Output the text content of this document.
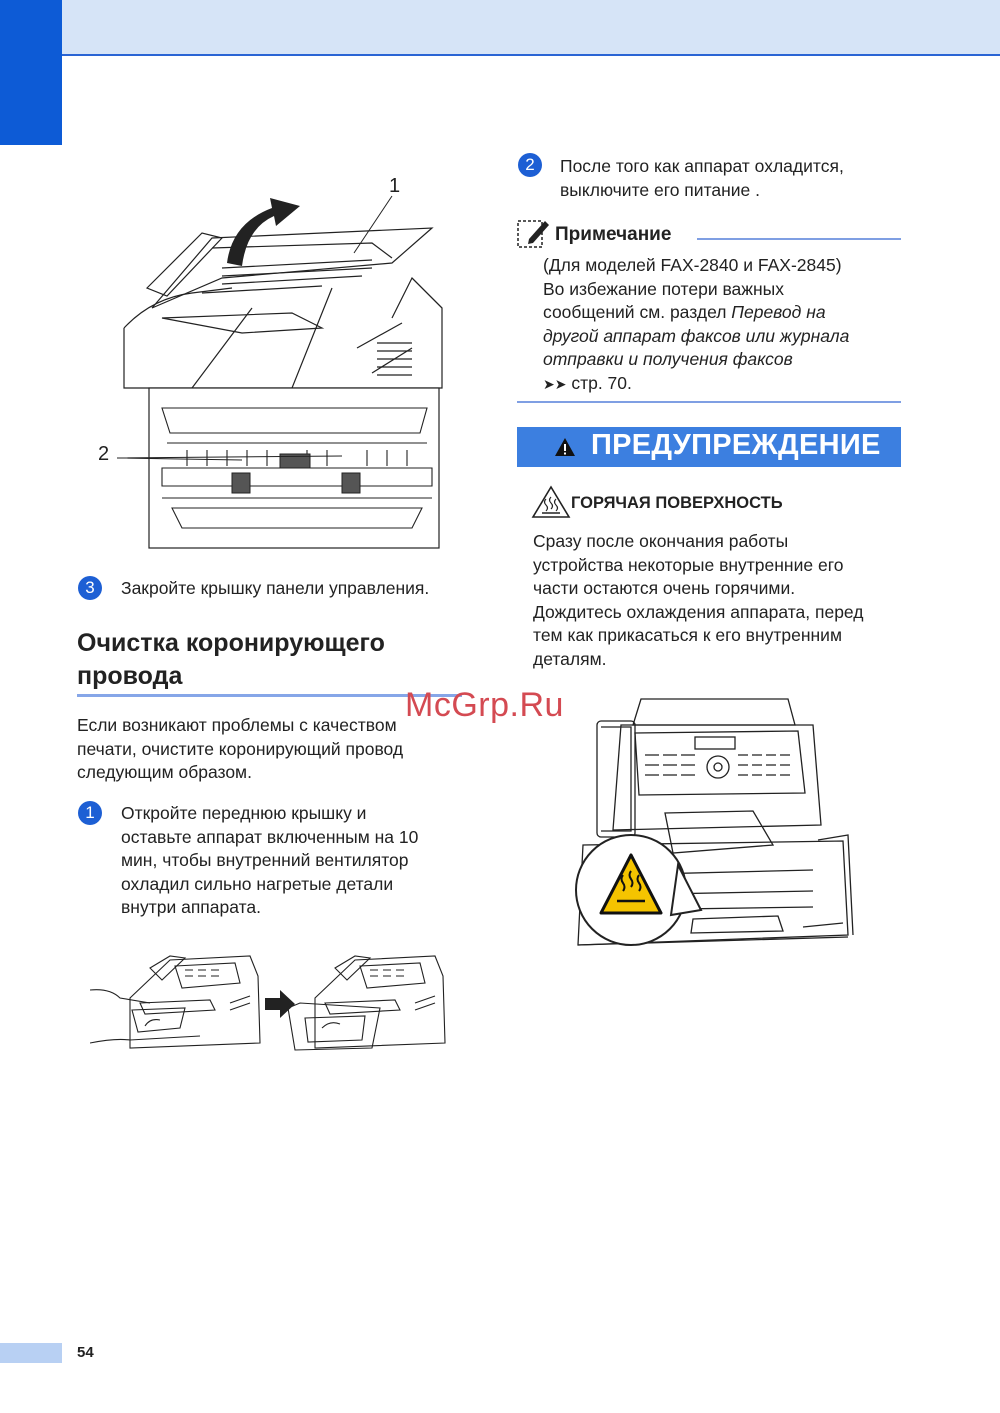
1
2
3	Закройте крышку панели управления.
Очистка коронирующего
провода
Если возникают проблемы с качеством
печати, очистите коронирующий провод
следующим образом.
1	Откройте переднюю крышку и
оставьте аппарат включенным на 10
мин, чтобы внутренний вентилятор
охладил сильно нагретые детали
внутри аппарата.
2	После того как аппарат охладится,
выключите его питание .
Примечание
(Для моделей FAX-2840 и FAX-2845)
Во избежание потери важных
сообщений см. раздел Перевод на
другой аппарат факсов или журнала
отправки и получения факсов
➤➤ стр. 70.
ПРЕДУПРЕЖДЕНИЕ
ГОРЯЧАЯ ПОВЕРХНОСТЬ
Сразу после окончания работы
устройства некоторые внутренние его
части остаются очень горячими.
Дождитесь охлаждения аппарата, перед
тем как прикасаться к его внутренним
деталям.
McGrp.Ru
54
